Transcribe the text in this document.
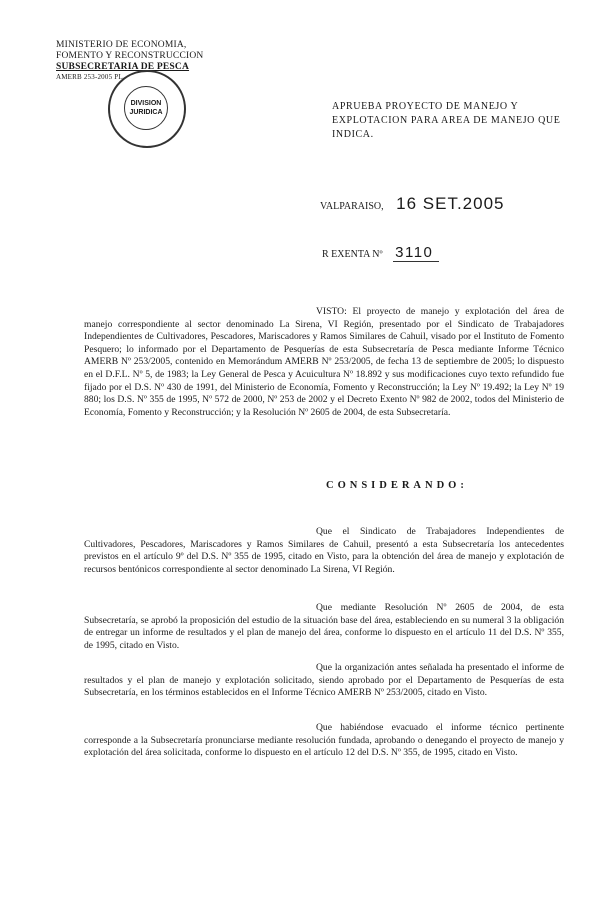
MINISTERIO DE ECONOMIA,
FOMENTO Y RECONSTRUCCION
SUBSECRETARIA DE PESCA
AMERB 253-2005 PL
DIVISION JURIDICA
APRUEBA PROYECTO DE MANEJO Y EXPLOTACION PARA AREA DE MANEJO QUE INDICA.
VALPARAISO, 16 SET.2005
R EXENTA Nº 3110
VISTO: El proyecto de manejo y explotación del área de manejo correspondiente al sector denominado La Sirena, VI Región, presentado por el Sindicato de Trabajadores Independientes de Cultivadores, Pescadores, Mariscadores y Ramos Similares de Cahuil, visado por el Instituto de Fomento Pesquero; lo informado por el Departamento de Pesquerías de esta Subsecretaría de Pesca mediante Informe Técnico AMERB Nº 253/2005, contenido en Memorándum AMERB Nº 253/2005, de fecha 13 de septiembre de 2005; lo dispuesto en el D.F.L. Nº 5, de 1983; la Ley General de Pesca y Acuicultura Nº 18.892 y sus modificaciones cuyo texto refundido fue fijado por el D.S. Nº 430 de 1991, del Ministerio de Economía, Fomento y Reconstrucción; la Ley Nº 19.492; la Ley Nº 19 880; los D.S. Nº 355 de 1995, Nº 572 de 2000, Nº 253 de 2002 y el Decreto Exento Nº 982 de 2002, todos del Ministerio de Economía, Fomento y Reconstrucción; y la Resolución Nº 2605 de 2004, de esta Subsecretaría.
CONSIDERANDO:
Que el Sindicato de Trabajadores Independientes de Cultivadores, Pescadores, Mariscadores y Ramos Similares de Cahuil, presentó a esta Subsecretaría los antecedentes previstos en el artículo 9º del D.S. Nº 355 de 1995, citado en Visto, para la obtención del área de manejo y explotación de recursos bentónicos correspondiente al sector denominado La Sirena, VI Región.
Que mediante Resolución Nº 2605 de 2004, de esta Subsecretaría, se aprobó la proposición del estudio de la situación base del área, estableciendo en su numeral 3 la obligación de entregar un informe de resultados y el plan de manejo del área, conforme lo dispuesto en el artículo 11 del D.S. Nº 355, de 1995, citado en Visto.
Que la organización antes señalada ha presentado el informe de resultados y el plan de manejo y explotación solicitado, siendo aprobado por el Departamento de Pesquerías de esta Subsecretaría, en los términos establecidos en el Informe Técnico AMERB Nº 253/2005, citado en Visto.
Que habiéndose evacuado el informe técnico pertinente corresponde a la Subsecretaría pronunciarse mediante resolución fundada, aprobando o denegando el proyecto de manejo y explotación del área solicitada, conforme lo dispuesto en el artículo 12 del D.S. Nº 355, de 1995, citado en Visto.
